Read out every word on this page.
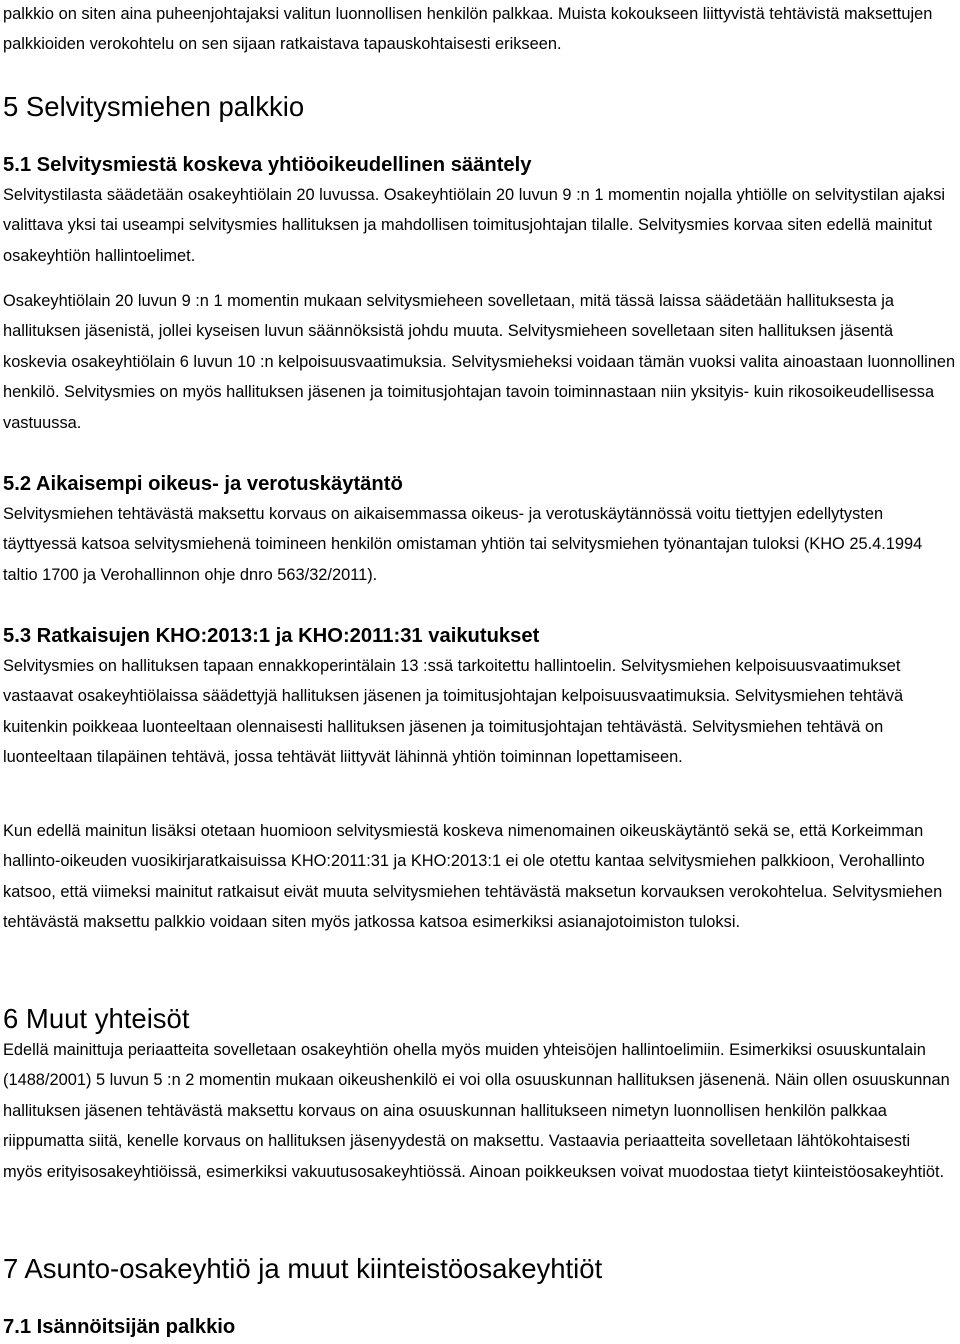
palkkio on siten aina puheenjohtajaksi valitun luonnollisen henkilön palkkaa. Muista kokoukseen liittyvistä tehtävistä maksettujen palkkioiden verokohtelu on sen sijaan ratkaistava tapauskohtaisesti erikseen.

5 Selvitysmiehen palkkio
5.1 Selvitysmiestä koskeva yhtiöoikeudellinen sääntely

Selvitystilasta säädetään osakeyhtiölain 20 luvussa. Osakeyhtiölain 20 luvun 9 :n 1 momentin nojalla yhtiölle on selvitystilan ajaksi valittava yksi tai useampi selvitysmies hallituksen ja mahdollisen toimitusjohtajan tilalle. Selvitysmies korvaa siten edellä mainitut osakeyhtiön hallintoelimet.

Osakeyhtiölain 20 luvun 9 :n 1 momentin mukaan selvitysmieheen sovelletaan, mitä tässä laissa säädetään hallituksesta ja hallituksen jäsenistä, jollei kyseisen luvun säännöksistä johdu muuta. Selvitysmieheen sovelletaan siten hallituksen jäsentä koskevia osakeyhtiölain 6 luvun 10 :n kelpoisuusvaatimuksia. Selvitysmieheksi voidaan tämän vuoksi valita ainoastaan luonnollinen henkilö. Selvitysmies on myös hallituksen jäsenen ja toimitusjohtajan tavoin toiminnastaan niin yksityis- kuin rikosoikeudellisessa vastuussa.

5.2 Aikaisempi oikeus- ja verotuskäytäntö

Selvitysmiehen tehtävästä maksettu korvaus on aikaisemmassa oikeus- ja verotuskäytännössä voitu tiettyjen edellytysten täyttyessä katsoa selvitysmiehenä toimineen henkilön omistaman yhtiön tai selvitysmiehen työnantajan tuloksi (KHO 25.4.1994 taltio 1700 ja Verohallinnon ohje dnro 563/32/2011).

5.3 Ratkaisujen KHO:2013:1 ja KHO:2011:31 vaikutukset

Selvitysmies on hallituksen tapaan ennakkoperintälain 13 :ssä tarkoitettu hallintoelin. Selvitysmiehen kelpoisuusvaatimukset vastaavat osakeyhtiölaissa säädettyjä hallituksen jäsenen ja toimitusjohtajan kelpoisuusvaatimuksia. Selvitysmiehen tehtävä kuitenkin poikkeaa luonteeltaan olennaisesti hallituksen jäsenen ja toimitusjohtajan tehtävästä. Selvitysmiehen tehtävä on luonteeltaan tilapäinen tehtävä, jossa tehtävät liittyvät lähinnä yhtiön toiminnan lopettamiseen.

Kun edellä mainitun lisäksi otetaan huomioon selvitysmiestä koskeva nimenomainen oikeuskäytäntö sekä se, että Korkeimman hallinto-oikeuden vuosikirjaratkaisuissa KHO:2011:31 ja KHO:2013:1 ei ole otettu kantaa selvitysmiehen palkkioon, Verohallinto katsoo, että viimeksi mainitut ratkaisut eivät muuta selvitysmiehen tehtävästä maksetun korvauksen verokohtelua. Selvitysmiehen tehtävästä maksettu palkkio voidaan siten myös jatkossa katsoa esimerkiksi asianajotoimiston tuloksi.

6 Muut yhteisöt

Edellä mainittuja periaatteita sovelletaan osakeyhtiön ohella myös muiden yhteisöjen hallintoelimiin. Esimerkiksi osuuskuntalain (1488/2001) 5 luvun 5 :n 2 momentin mukaan oikeushenkilö ei voi olla osuuskunnan hallituksen jäsenenä. Näin ollen osuuskunnan hallituksen jäsenen tehtävästä maksettu korvaus on aina osuuskunnan hallitukseen nimetyn luonnollisen henkilön palkkaa riippumatta siitä, kenelle korvaus on hallituksen jäsenyydestä on maksettu. Vastaavia periaatteita sovelletaan lähtökohtaisesti myös erityisosakeyhtiöissä, esimerkiksi vakuutusosakeyhtiössä. Ainoan poikkeuksen voivat muodostaa tietyt kiinteistöosakeyhtiöt.

7 Asunto-osakeyhtiö ja muut kiinteistöosakeyhtiöt
7.1 Isännöitsijän palkkio
